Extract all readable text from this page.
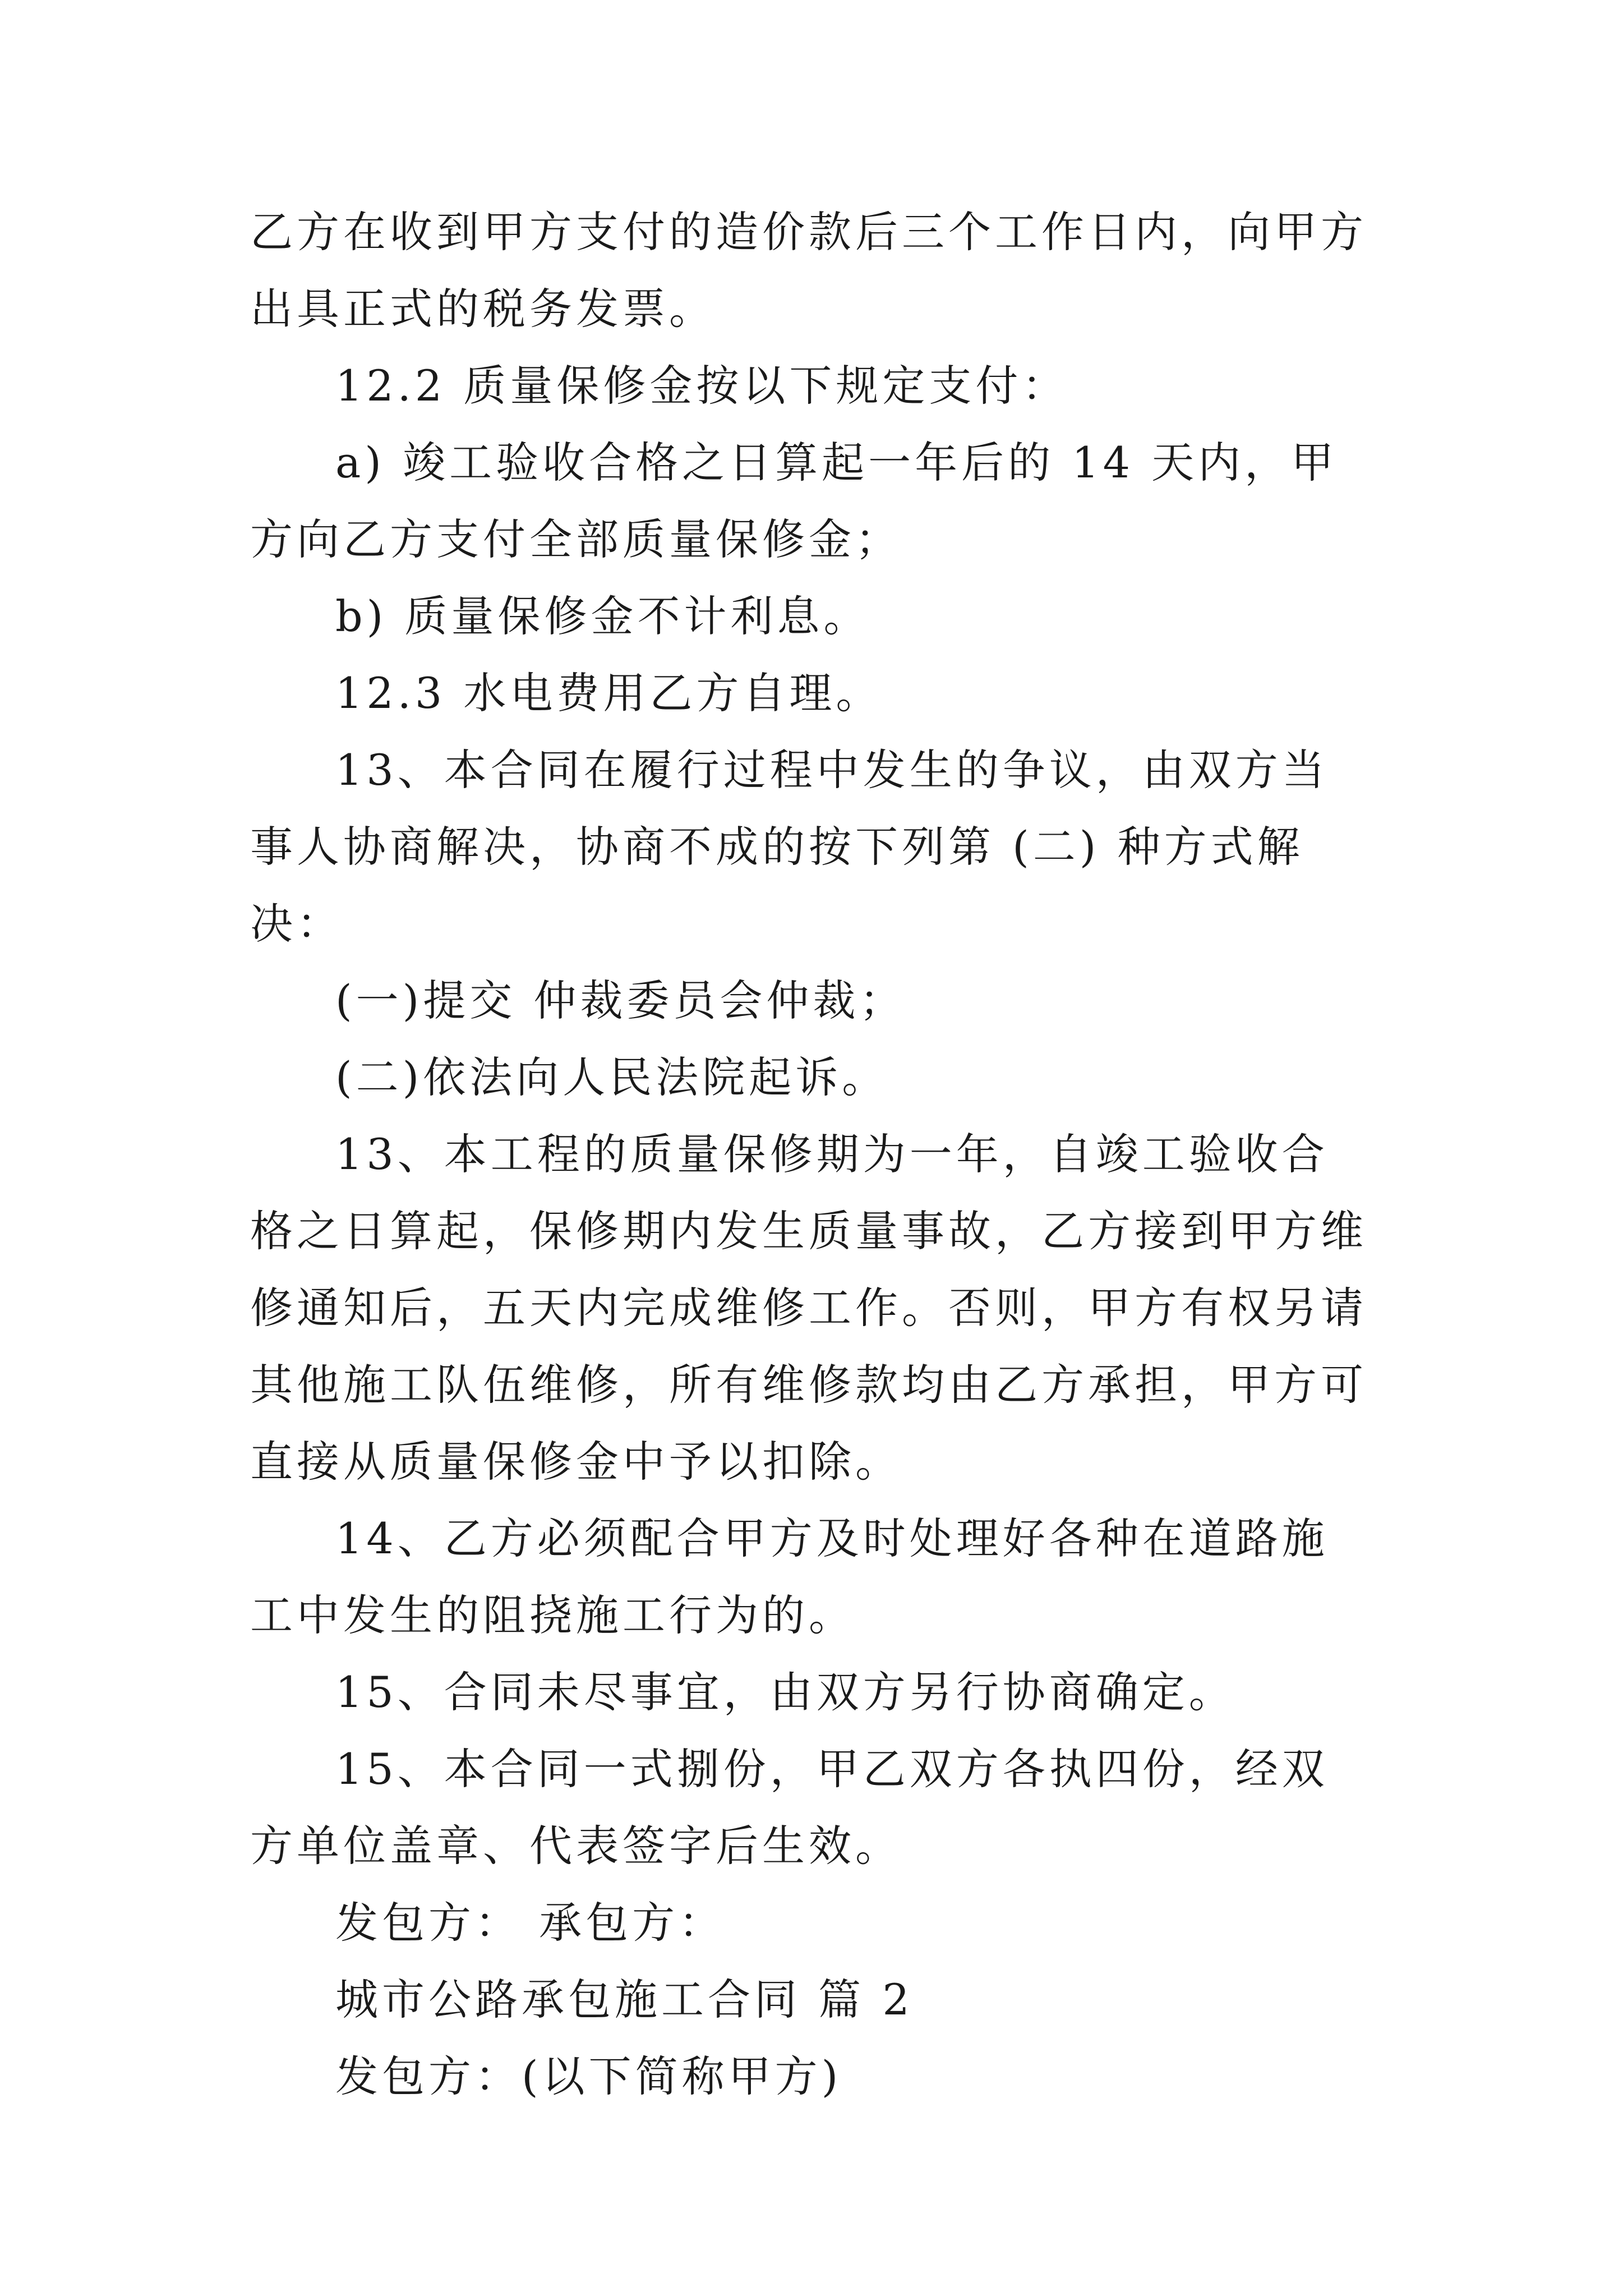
乙方在收到甲方支付的造价款后三个工作日内，向甲方出具正式的税务发票。

12.2 质量保修金按以下规定支付：

a) 竣工验收合格之日算起一年后的 14 天内，甲方向乙方支付全部质量保修金；

b) 质量保修金不计利息。

12.3 水电费用乙方自理。

13、本合同在履行过程中发生的争议，由双方当事人协商解决，协商不成的按下列第 (二) 种方式解决：

(一)提交 仲裁委员会仲裁；

(二)依法向人民法院起诉。

13、本工程的质量保修期为一年，自竣工验收合格之日算起，保修期内发生质量事故，乙方接到甲方维修通知后，五天内完成维修工作。否则，甲方有权另请其他施工队伍维修，所有维修款均由乙方承担，甲方可直接从质量保修金中予以扣除。

14、乙方必须配合甲方及时处理好各种在道路施工中发生的阻挠施工行为的。

15、合同未尽事宜，由双方另行协商确定。

15、本合同一式捌份，甲乙双方各执四份，经双方单位盖章、代表签字后生效。

发包方： 承包方：

城市公路承包施工合同 篇 2

发包方：(以下简称甲方)
